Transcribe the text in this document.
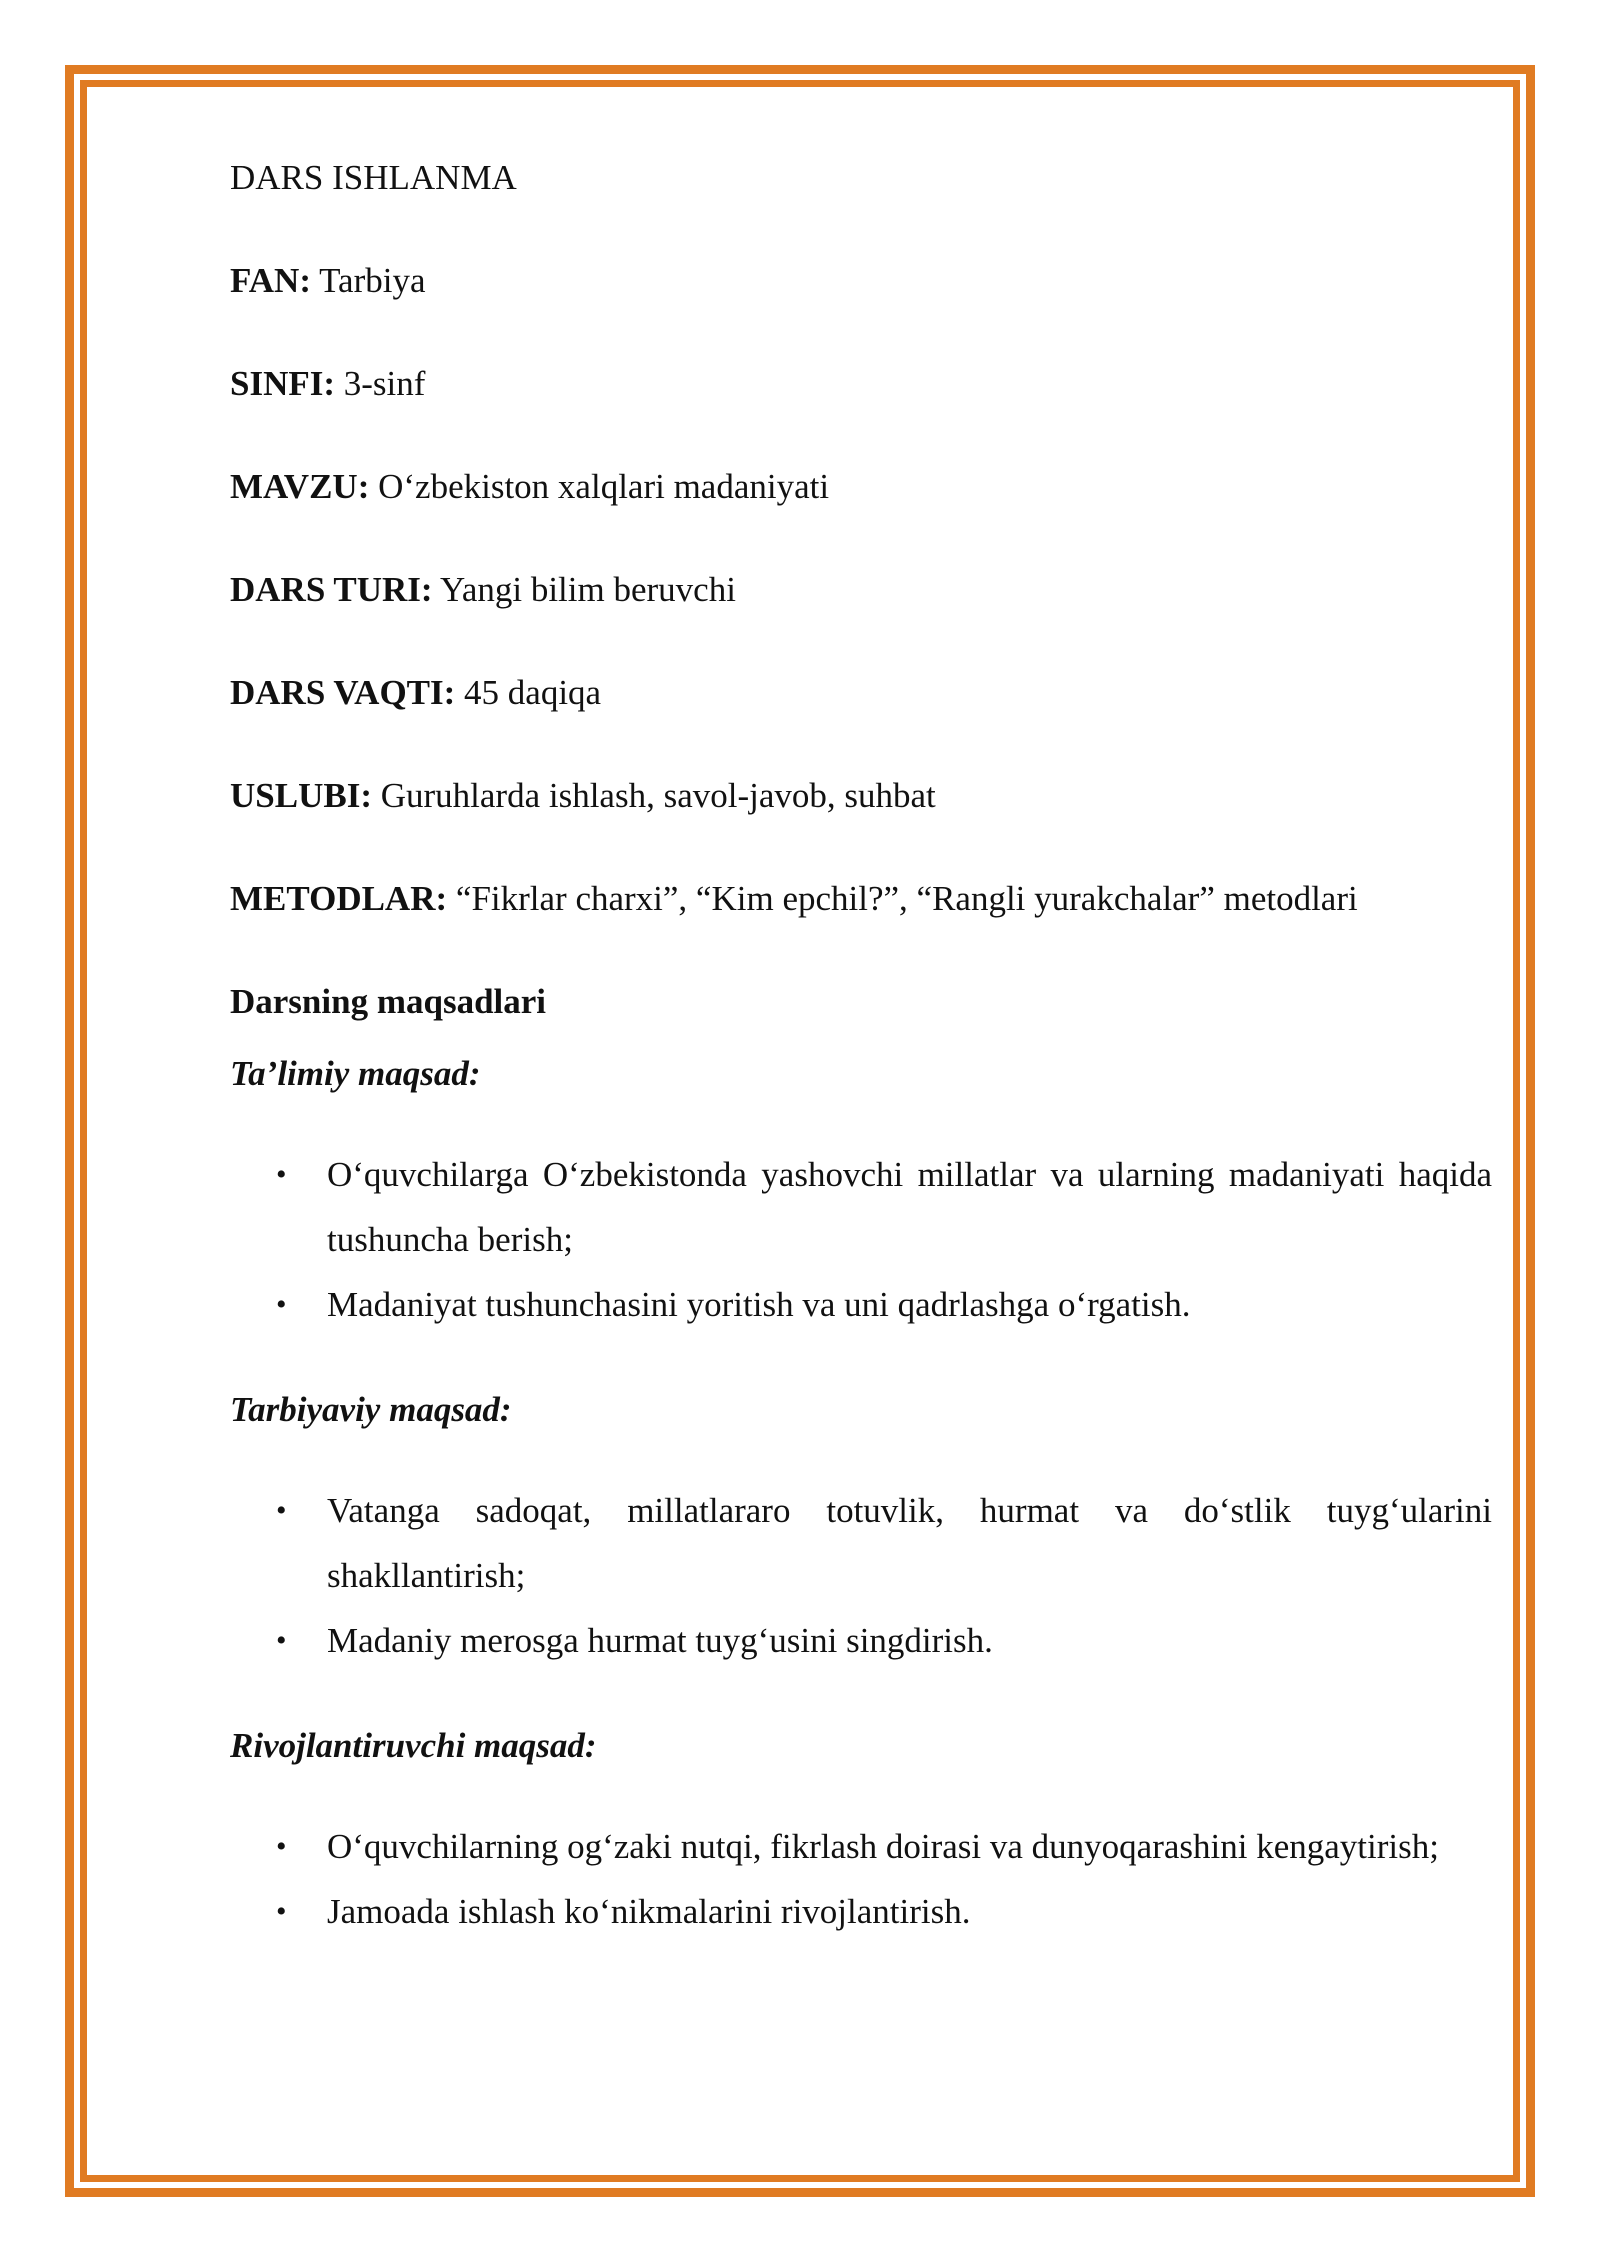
DARS ISHLANMA
FAN: Tarbiya
SINFI: 3-sinf
MAVZU: O‘zbekiston xalqlari madaniyati
DARS TURI: Yangi bilim beruvchi
DARS VAQTI: 45 daqiqa
USLUBI: Guruhlarda ishlash, savol-javob, suhbat
METODLAR: “Fikrlar charxi”, “Kim epchil?”, “Rangli yurakchalar” metodlari
Darsning maqsadlari
Ta’limiy maqsad:
• O‘quvchilarga O‘zbekistonda yashovchi millatlar va ularning madaniyati haqida tushuncha berish;
• Madaniyat tushunchasini yoritish va uni qadrlashga o‘rgatish.
Tarbiyaviy maqsad:
• Vatanga sadoqat, millatlararo totuvlik, hurmat va do‘stlik tuyg‘ularini shakllantirish;
• Madaniy merosga hurmat tuyg‘usini singdirish.
Rivojlantiruvchi maqsad:
• O‘quvchilarning og‘zaki nutqi, fikrlash doirasi va dunyoqarashini kengaytirish;
• Jamoada ishlash ko‘nikmalarini rivojlantirish.
